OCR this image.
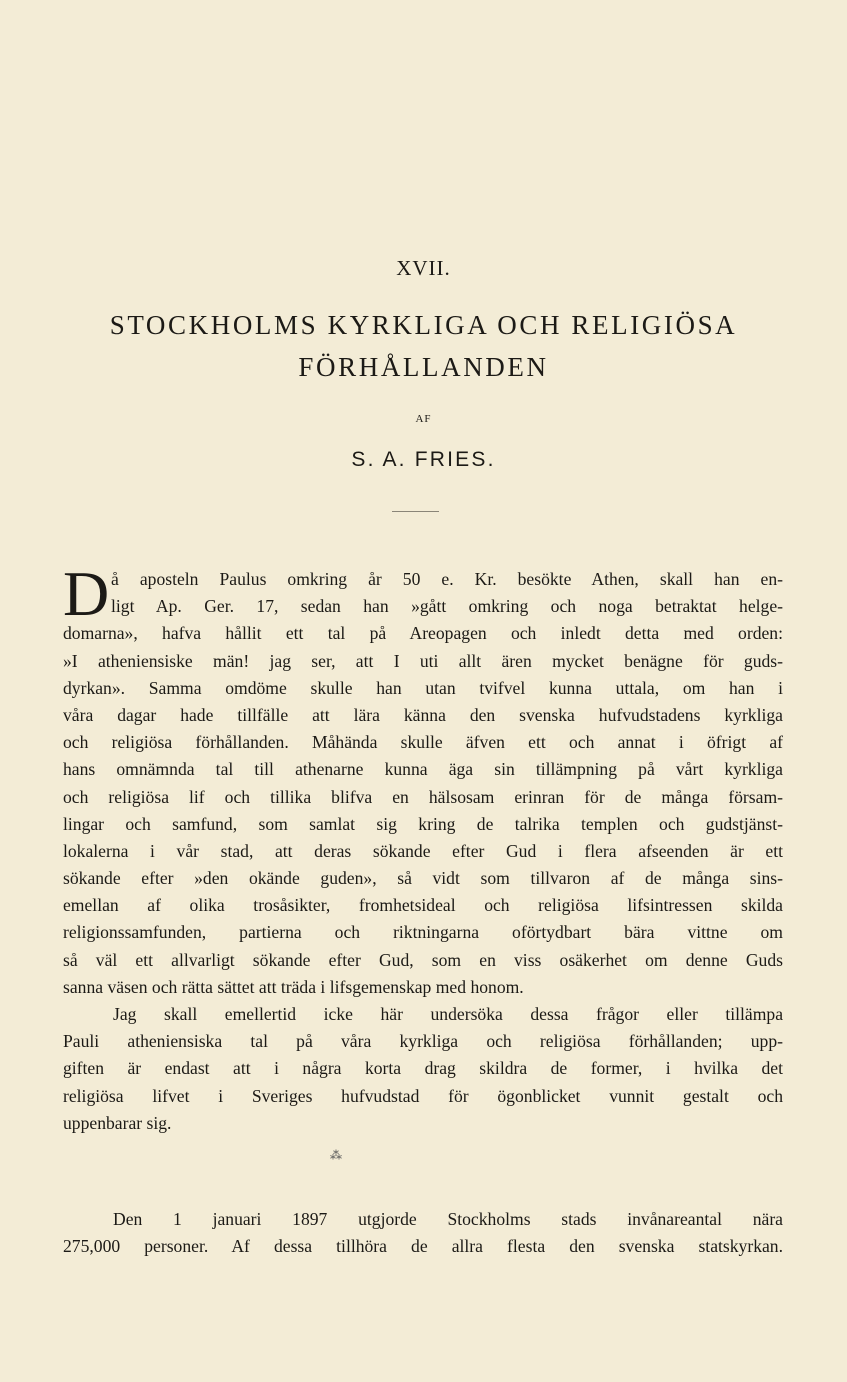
XVII.
STOCKHOLMS KYRKLIGA OCH RELIGIÖSA
FÖRHÅLLANDEN
AF
S. A. FRIES.
D å aposteln Paulus omkring år 50 e. Kr. besökte Athen, skall han en-
ligt Ap. Ger. 17, sedan han »gått omkring och noga betraktat helge-
domarna», hafva hållit ett tal på Areopagen och inledt detta med orden:
»I atheniensiske män! jag ser, att I uti allt ären mycket benägne för guds-
dyrkan». Samma omdöme skulle han utan tvifvel kunna uttala, om han i
våra dagar hade tillfälle att lära känna den svenska hufvudstadens kyrkliga
och religiösa förhållanden. Måhända skulle äfven ett och annat i öfrigt af
hans omnämnda tal till athenarne kunna äga sin tillämpning på vårt kyrkliga
och religiösa lif och tillika blifva en hälsosam erinran för de många försam-
lingar och samfund, som samlat sig kring de talrika templen och gudstjänst-
lokalerna i vår stad, att deras sökande efter Gud i flera afseenden är ett
sökande efter »den okände guden», så vidt som tillvaron af de många sins-
emellan af olika trosåsikter, fromhetsideal och religiösa lifsintressen skilda
religionssamfunden, partierna och riktningarna oförtydbart bära vittne om
så väl ett allvarligt sökande efter Gud, som en viss osäkerhet om denne Guds
sanna väsen och rätta sättet att träda i lifsgemenskap med honom.
Jag skall emellertid icke här undersöka dessa frågor eller tillämpa
Pauli atheniensiska tal på våra kyrkliga och religiösa förhållanden; upp-
giften är endast att i några korta drag skildra de former, i hvilka det
religiösa lifvet i Sveriges hufvudstad för ögonblicket vunnit gestalt och
uppenbarar sig.
⁂
Den 1 januari 1897 utgjorde Stockholms stads invånareantal nära
275,000 personer. Af dessa tillhöra de allra flesta den svenska statskyrkan.
